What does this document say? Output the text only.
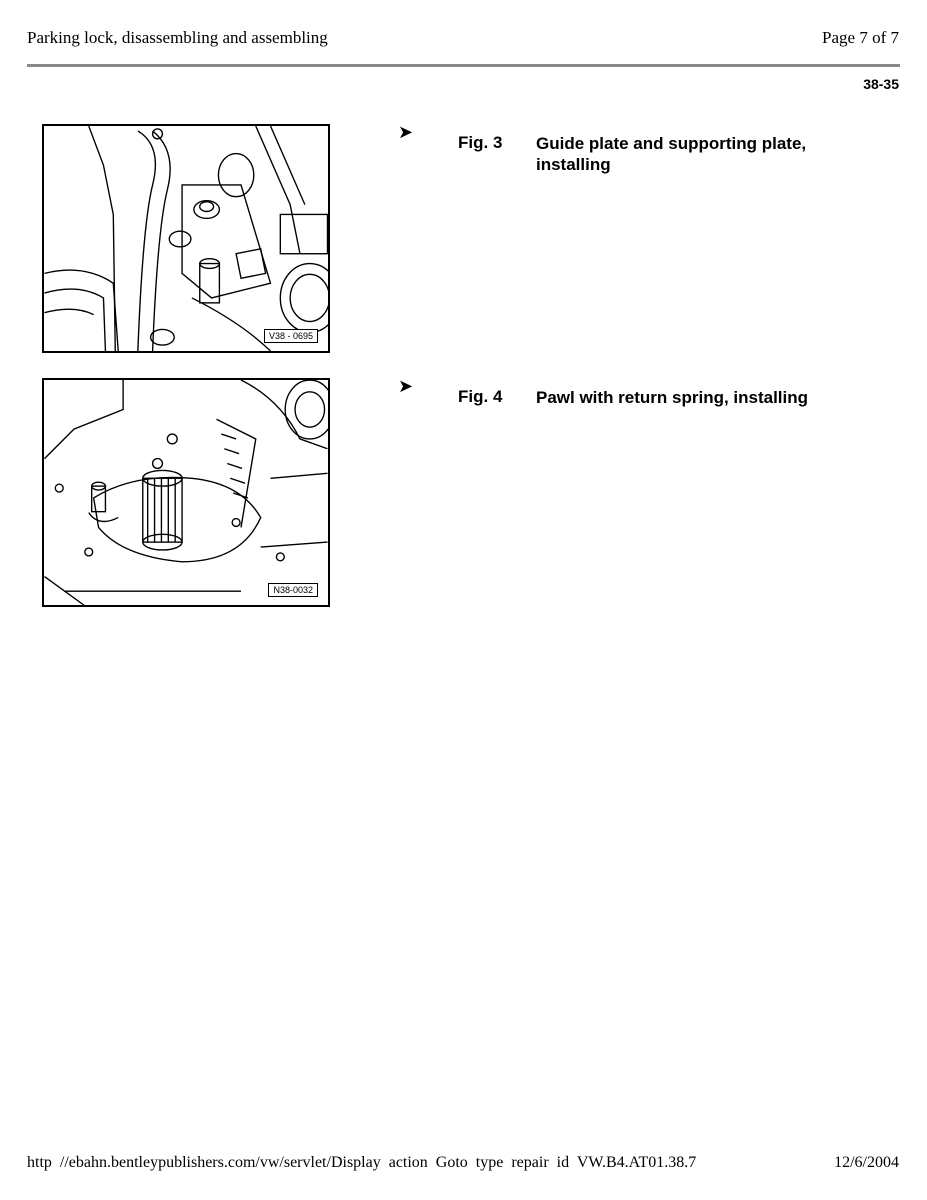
Parking lock, disassembling and assembling	Page 7 of 7
38-35
V38 - 0695
➤	Fig. 3 Guide plate and supporting plate, installing
N38-0032
➤	Fig. 4 Pawl with return spring, installing
http //ebahn.bentleypublishers.com/vw/servlet/Display action Goto type repair id VW.B4.AT01.38.7	12/6/2004
